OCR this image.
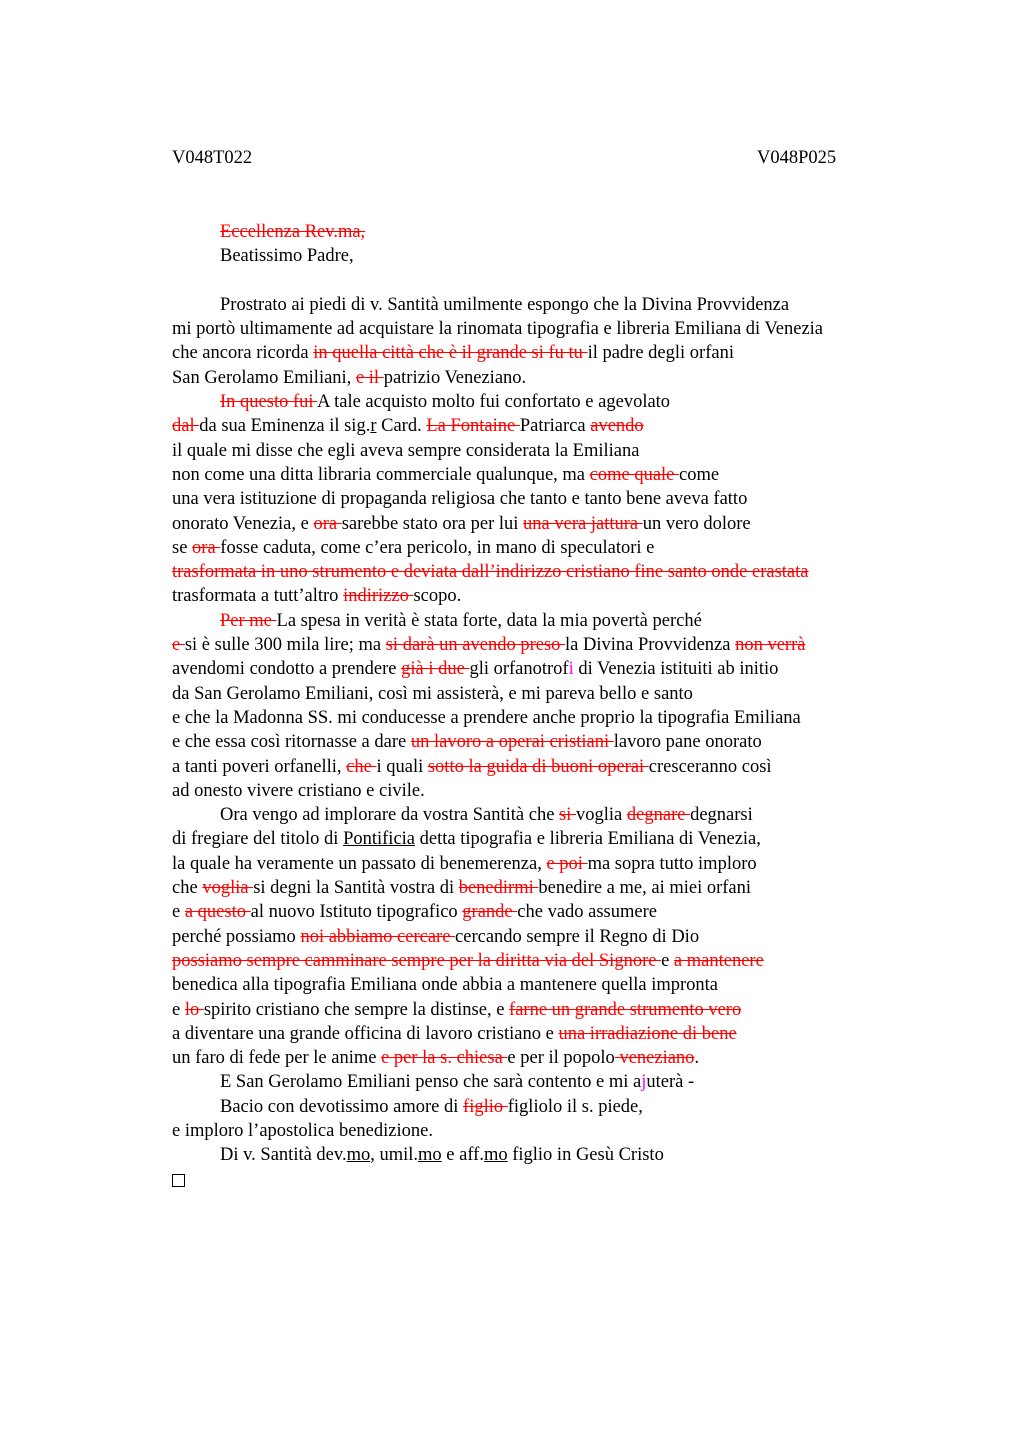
V048T022	V048P025
Eccellenza Rev.ma,
Beatissimo Padre,
Prostrato ai piedi di v. Santità umilmente espongo che la Divina Provvidenza
mi portò ultimamente ad acquistare la rinomata tipografia e libreria Emiliana di Venezia
che ancora ricorda in quella città che è il grande si fu tu il padre degli orfani
San Gerolamo Emiliani, e il patrizio Veneziano.
In questo fui A tale acquisto molto fui confortato e agevolato
dal da sua Eminenza il sig.r Card. La Fontaine Patriarca avendo
il quale mi disse che egli aveva sempre considerata la Emiliana
non come una ditta libraria commerciale qualunque, ma come quale come
una vera istituzione di propaganda religiosa che tanto e tanto bene aveva fatto
onorato Venezia, e ora sarebbe stato ora per lui una vera jattura un vero dolore
se ora fosse caduta, come c’era pericolo, in mano di speculatori e
trasformata in uno strumento e deviata dall’indirizzo cristiano fine santo onde erastata
trasformata a tutt’altro indirizzo scopo.
Per me La spesa in verità è stata forte, data la mia povertà perché
e si è sulle 300 mila lire; ma si darà un avendo preso la Divina Provvidenza non verrà
avendomi condotto a prendere già i due gli orfanotrofi di Venezia istituiti ab initio
da San Gerolamo Emiliani, così mi assisterà, e mi pareva bello e santo
e che la Madonna SS. mi conducesse a prendere anche proprio la tipografia Emiliana
e che essa così ritornasse a dare un lavoro a operai cristiani lavoro pane onorato
a tanti poveri orfanelli, che i quali sotto la guida di buoni operai cresceranno così
ad onesto vivere cristiano e civile.
Ora vengo ad implorare da vostra Santità che si voglia degnare degnarsi
di fregiare del titolo di Pontificia detta tipografia e libreria Emiliana di Venezia,
la quale ha veramente un passato di benemerenza, e poi ma sopra tutto imploro
che voglia si degni la Santità vostra di benedirmi benedire a me, ai miei orfani
e a questo al nuovo Istituto tipografico grande che vado assumere
perché possiamo noi abbiamo cercare cercando sempre il Regno di Dio
possiamo sempre camminare sempre per la diritta via del Signore e a mantenere
benedica alla tipografia Emiliana onde abbia a mantenere quella impronta
e lo spirito cristiano che sempre la distinse, e farne un grande strumento vero
a diventare una grande officina di lavoro cristiano e una irradiazione di bene
un faro di fede per le anime e per la s. chiesa e per il popolo veneziano.
E San Gerolamo Emiliani penso che sarà contento e mi ajuterà -
Bacio con devotissimo amore di figlio figliolo il s. piede,
e imploro l’apostolica benedizione.
Di v. Santità dev.mo, umil.mo e aff.mo figlio in Gesù Cristo
